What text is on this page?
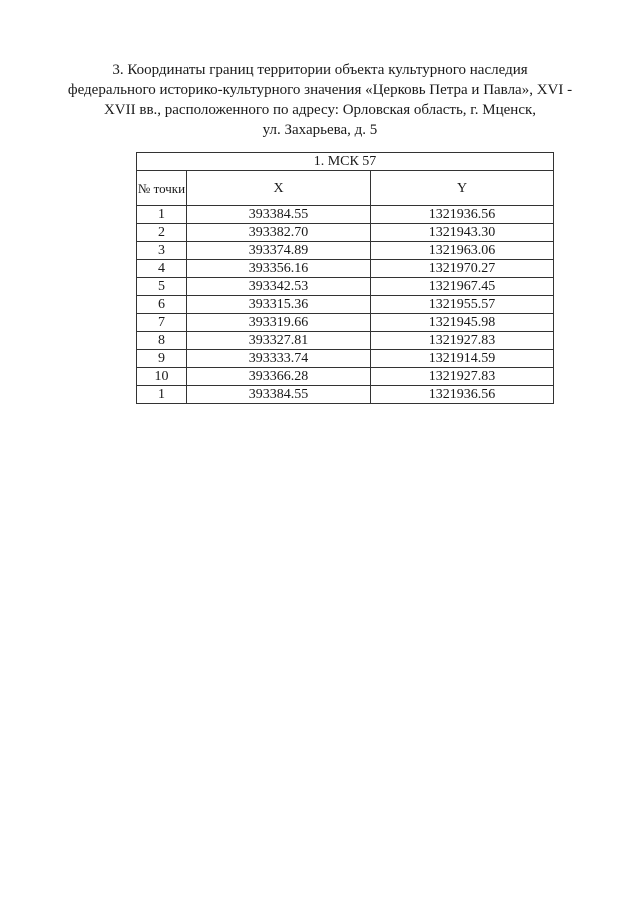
3. Координаты границ территории объекта культурного наследия
федерального историко-культурного значения «Церковь Петра и Павла», XVI -
XVII вв., расположенного по адресу: Орловская область, г. Мценск,
ул. Захарьева, д. 5
1. МСК 57		
№ точки	X	Y
1	393384.55	1321936.56
2	393382.70	1321943.30
3	393374.89	1321963.06
4	393356.16	1321970.27
5	393342.53	1321967.45
6	393315.36	1321955.57
7	393319.66	1321945.98
8	393327.81	1321927.83
9	393333.74	1321914.59
10	393366.28	1321927.83
1	393384.55	1321936.56
